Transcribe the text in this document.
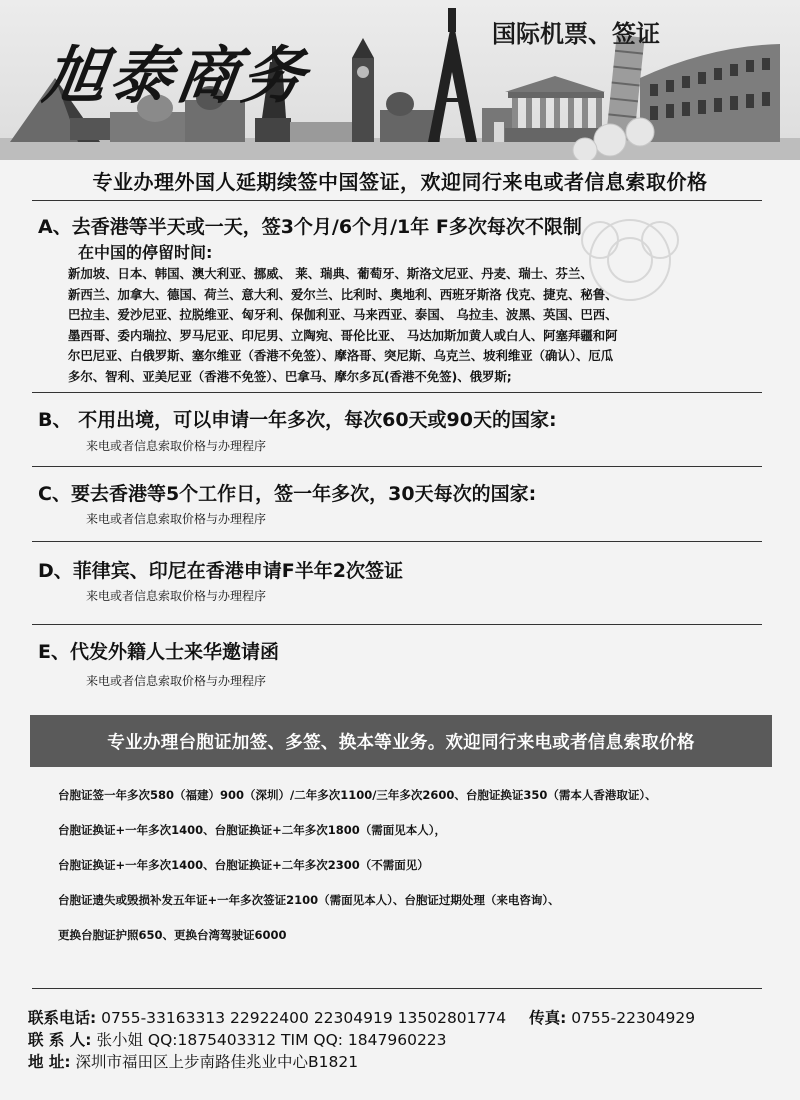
旭泰商务
国际机票、签证
专业办理外国人延期续签中国签证，欢迎同行来电或者信息索取价格
A、去香港等半天或一天，签3个月/6个月/1年 F多次每次不限制
在中国的停留时间:
新加坡、日本、韩国、澳大利亚、挪威、 莱、瑞典、葡萄牙、斯洛文尼亚、丹麦、瑞士、芬兰、
新西兰、加拿大、德国、荷兰、意大利、爱尔兰、比利时、奥地利、西班牙斯洛 伐克、捷克、秘鲁、
巴拉圭、爱沙尼亚、拉脱维亚、匈牙利、保伽利亚、马来西亚、泰国、 乌拉圭、波黑、英国、巴西、
墨西哥、委内瑞拉、罗马尼亚、印尼男、立陶宛、哥伦比亚、 马达加斯加黄人或白人、阿塞拜疆和阿
尔巴尼亚、白俄罗斯、塞尔维亚（香港不免签）、摩洛哥、突尼斯、乌克兰、坡利维亚（确认）、厄瓜
多尔、智利、亚美尼亚（香港不免签）、巴拿马、摩尔多瓦(香港不免签)、俄罗斯;
B、 不用出境，可以申请一年多次，每次60天或90天的国家:
来电或者信息索取价格与办理程序
C、要去香港等5个工作日，签一年多次，30天每次的国家:
来电或者信息索取价格与办理程序
D、菲律宾、印尼在香港申请F半年2次签证
来电或者信息索取价格与办理程序
E、代发外籍人士来华邀请函
来电或者信息索取价格与办理程序
专业办理台胞证加签、多签、换本等业务。欢迎同行来电或者信息索取价格
台胞证签一年多次580（福建）900（深圳）/二年多次1100/三年多次2600、台胞证换证350（需本人香港取证）、
台胞证换证+一年多次1400、台胞证换证+二年多次1800（需面见本人），
台胞证换证+一年多次1400、台胞证换证+二年多次2300（不需面见）
台胞证遗失或毁损补发五年证+一年多次签证2100（需面见本人）、台胞证过期处理（来电咨询）、
更换台胞证护照650、更换台湾驾驶证6000
联系电话: 0755-33163313 22922400 22304919 13502801774 传真: 0755-22304929
联 系 人: 张小姐 QQ:1875403312 TIM QQ: 1847960223
地 址: 深圳市福田区上步南路佳兆业中心B1821
